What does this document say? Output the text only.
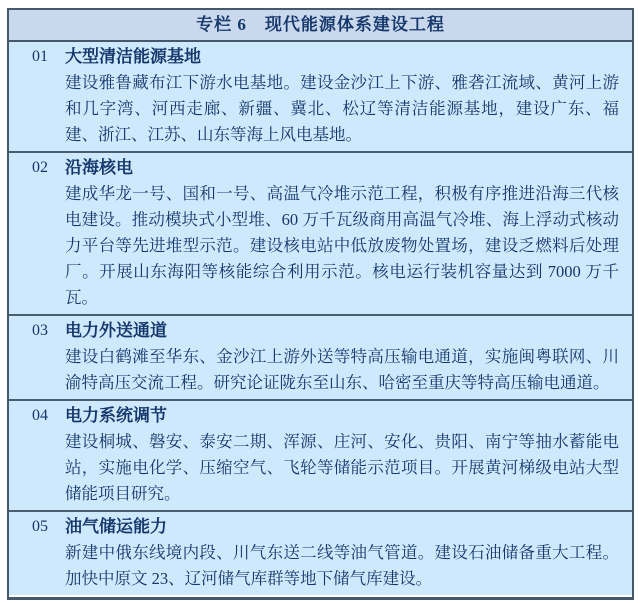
专栏 6　现代能源体系建设工程
01	大型清洁能源基地
建设雅鲁藏布江下游水电基地。建设金沙江上下游、雅砻江流域、黄河上游和几字湾、河西走廊、新疆、冀北、松辽等清洁能源基地，建设广东、福建、浙江、江苏、山东等海上风电基地。
02	沿海核电
建成华龙一号、国和一号、高温气冷堆示范工程，积极有序推进沿海三代核电建设。推动模块式小型堆、60 万千瓦级商用高温气冷堆、海上浮动式核动力平台等先进堆型示范。建设核电站中低放废物处置场，建设乏燃料后处理厂。开展山东海阳等核能综合利用示范。核电运行装机容量达到 7000 万千瓦。
03	电力外送通道
建设白鹤滩至华东、金沙江上游外送等特高压输电通道，实施闽粤联网、川渝特高压交流工程。研究论证陇东至山东、哈密至重庆等特高压输电通道。
04	电力系统调节
建设桐城、磐安、泰安二期、浑源、庄河、安化、贵阳、南宁等抽水蓄能电站，实施电化学、压缩空气、飞轮等储能示范项目。开展黄河梯级电站大型储能项目研究。
05	油气储运能力
新建中俄东线境内段、川气东送二线等油气管道。建设石油储备重大工程。加快中原文 23、辽河储气库群等地下储气库建设。
